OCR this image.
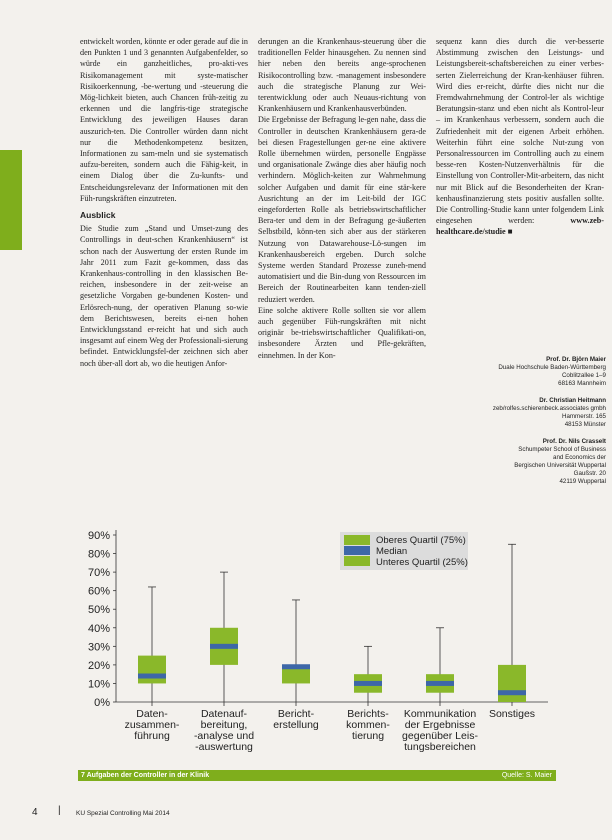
entwickelt worden, könnte er oder gerade auf die in den Punkten 1 und 3 genannten Aufgabenfelder, so würde ein ganzheitliches, pro-akti-ves Risikomanagement mit syste-matischer Risikoerkennung, -be-wertung und -steuerung die Mög-lichkeit bieten, auch Chancen früh-zeitig zu erkennen und die langfris-tige strategische Entwicklung des jeweiligen Hauses daran auszurich-ten. Die Controller würden dann nicht nur die Methodenkompetenz besitzen, Informationen zu sam-meln und sie systematisch aufzu-bereiten, sondern auch die Fähig-keit, in einem Dialog über die Zu-kunfts- und Entscheidungsrelevanz der Informationen mit den Füh-rungskräften einzutreten.

Ausblick

Die Studie zum „Stand und Umset-zung des Controllings in deut-schen Krankenhäusern“ ist schon nach der Auswertung der ersten Runde im Jahr 2011 zum Fazit ge-kommen, dass das Krankenhaus-controlling in den klassischen Be-reichen, insbesondere in der zeit-weise an gesetzliche Vorgaben ge-bundenen Kosten- und Erlösrech-nung, der operativen Planung so-wie dem Berichtswesen, bereits ei-nen hohen Entwicklungsstand er-reicht hat und sich auch insgesamt auf einem Weg der Professionali-sierung befindet. Entwicklungsfel-der zeichnen sich aber noch über-all dort ab, wo die heutigen Anfor-

derungen an die Krankenhaus-steuerung über die traditionellen Felder hinausgehen. Zu nennen sind hier neben den bereits ange-sprochenen Risikocontrolling bzw. -management insbesondere auch die strategische Planung zur Wei-terentwicklung oder auch Neuaus-richtung von Krankenhäusern und Krankenhausverbünden.

Die Ergebnisse der Befragung le-gen nahe, dass die Controller in deutschen Krankenhäusern gera-de bei diesen Fragestellungen ger-ne eine aktivere Rolle übernehmen würden, personelle Engpässe und organisationale Zwänge dies aber häufig noch verhindern. Möglich-keiten zur Wahrnehmung solcher Aufgaben und damit für eine stär-kere Ausrichtung an der im Leit-bild der IGC eingeforderten Rolle als betriebswirtschaftlicher Bera-ter und dem in der Befragung ge-äußerten Selbstbild, könn-ten sich aber aus der stärkeren Nutzung von Datawarehouse-Lö-sungen im Krankenhausbereich ergeben. Durch solche Systeme werden Standard Prozesse zuneh-mend automatisiert und die Bin-dung von Ressourcen im Bereich der Routinearbeiten kann tenden-ziell reduziert werden.

Eine solche aktivere Rolle sollten sie vor allem auch gegenüber Füh-rungskräften mit nicht originär be-triebswirtschaftlicher Qualifikati-on, insbesondere Ärzten und Pfle-gekräften, einnehmen. In der Kon-

sequenz kann dies durch die ver-besserte Abstimmung zwischen den Leistungs- und Leistungsbereit-schaftsbereichen zu einer verbes-serten Zielerreichung der Kran-kenhäuser führen. Wird dies er-reicht, dürfte dies nicht nur die Fremdwahrnehmung der Control-ler als wichtige Beratungsin-stanz und eben nicht als Kontrol-leur – im Krankenhaus verbessern, sondern auch die Zufriedenheit mit der eigenen Arbeit erhöhen. Weiterhin führt eine solche Nut-zung von Personalressourcen im Controlling auch zu einem besse-ren Kosten-Nutzenverhältnis für die Einstellung von Controller-Mit-arbeitern, das nicht nur mit Blick auf die Besonderheiten der Kran-kenhausfinanzierung stets positiv ausfallen sollte. Die Controlling-Studie kann unter folgendem Link eingesehen werden:	www.zeb-healthcare.de/studie ■

Prof. Dr. Björn Maier
Duale Hochschule Baden-Württemberg
Coblitzallee 1–9
68163 Mannheim
Dr. Christian Heitmann
zeb/rolfes.schierenbeck.associates gmbh
Hammerstr. 165
48153 Münster
Prof. Dr. Nils Crasselt
Schumpeter School of Business
and Economics der
Bergischen Universität Wuppertal
Gaußstr. 20
42119 Wuppertal
0%
10%
20%
30%
40%
50%
60%
70%
80%
90%
Daten-
zusammen-
führung
Datenauf-
bereitung,
-analyse und
-auswertung
Bericht-
erstellung
Berichts-
kommen-
tierung
Kommunikation
der Ergebnisse
gegenüber Leis-
tungsbereichen
Sonstiges
Oberes Quartil (75%)
Median
Unteres Quartil (25%)
7 Aufgaben der Controller in der Klinik	Quelle: S. Maier
4 | KU Spezial Controlling Mai 2014
